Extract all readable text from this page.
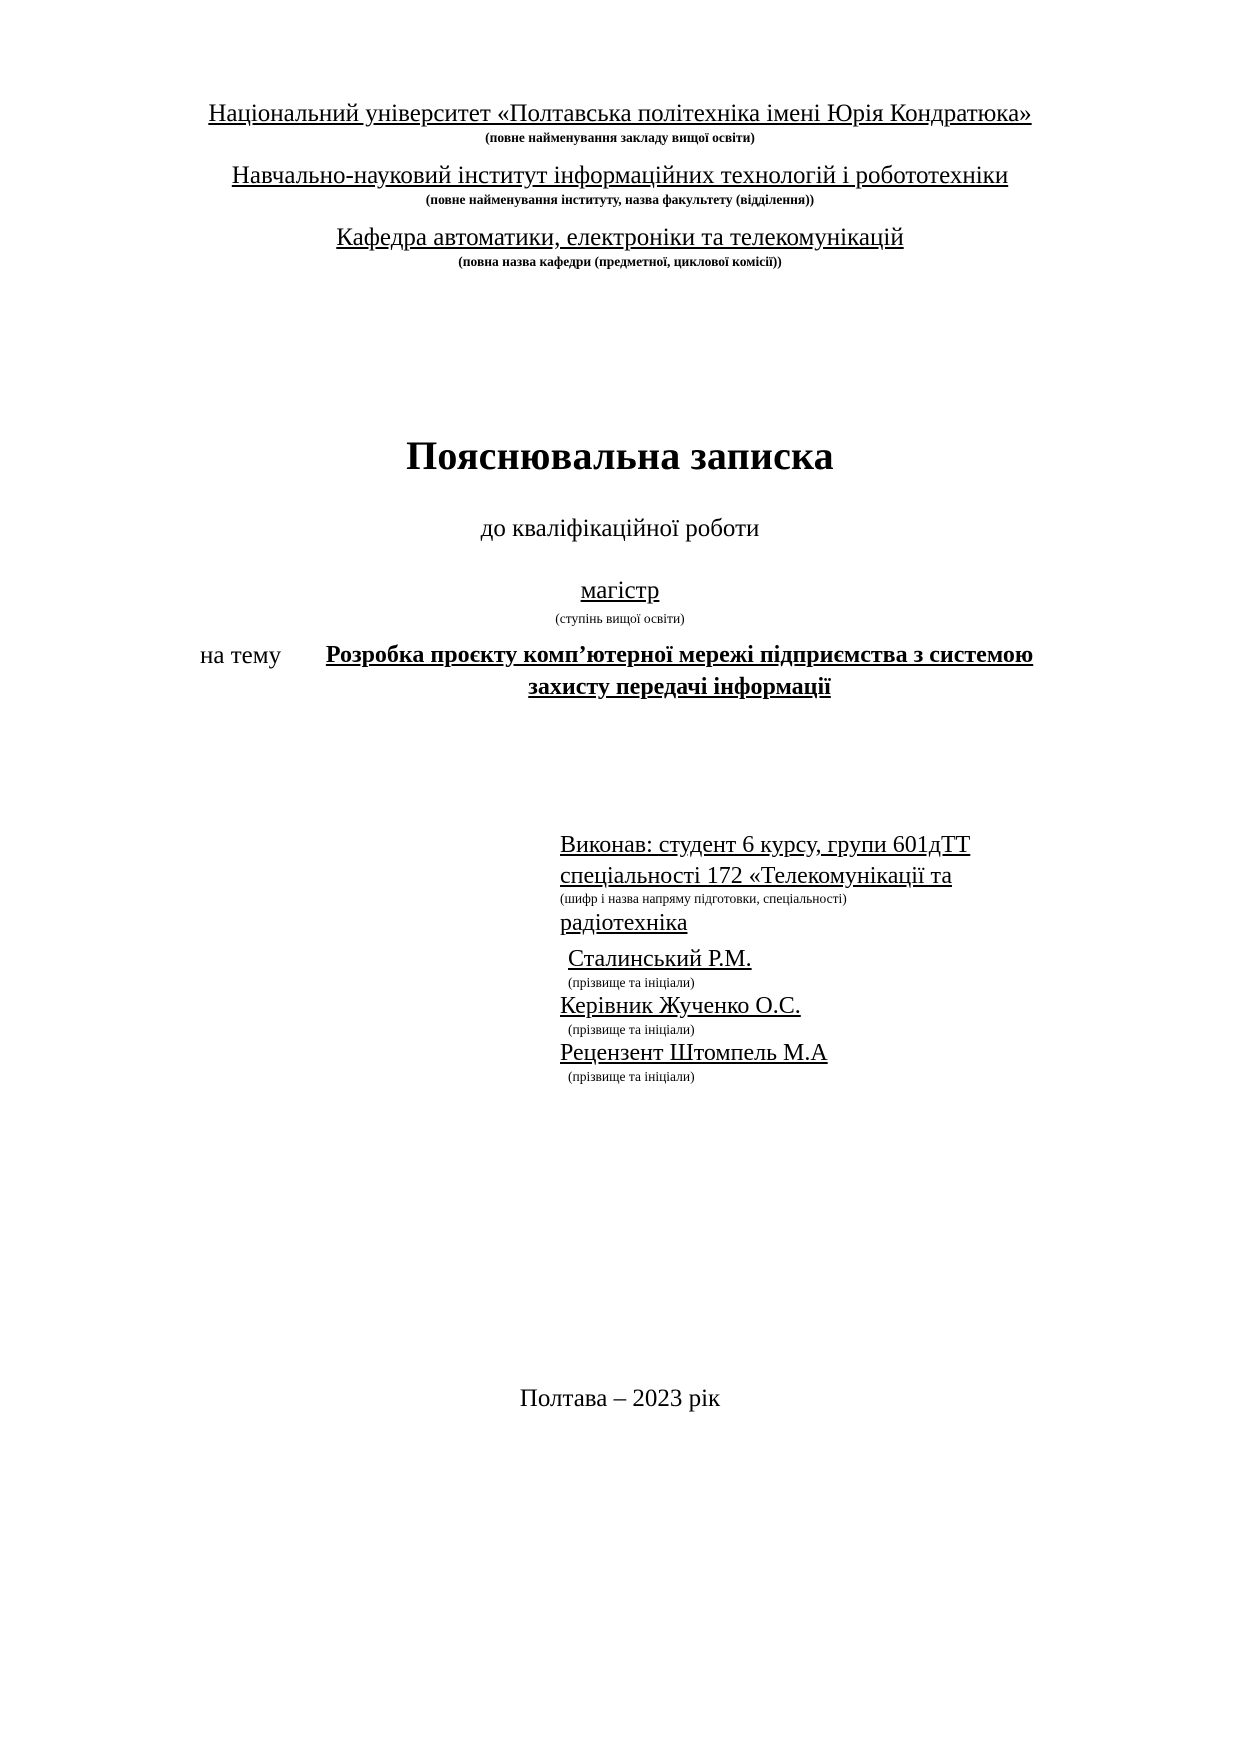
Національний університет «Полтавська політехніка імені Юрія Кондратюка»
(повне найменування закладу вищої освіти)
Навчально-науковий інститут інформаційних технологій і робототехніки
(повне найменування інституту, назва факультету (відділення))
Кафедра автоматики, електроніки та телекомунікацій
(повна назва кафедри (предметної, циклової комісії))
Пояснювальна записка
до кваліфікаційної роботи
магістр
(ступінь вищої освіти)
на тему	Розробка проєкту комп’ютерної мережі підприємства з системою захисту передачі інформації
Виконав: студент 6 курсу, групи 601дТТ
спеціальності 172 «Телекомунікації та
(шифр і назва напряму підготовки, спеціальності)
радіотехніка
Сталинський Р.М.
(прізвище та ініціали)
Керівник Жученко О.С.
(прізвище та ініціали)
Рецензент Штомпель М.А
(прізвище та ініціали)
Полтава – 2023 рік
